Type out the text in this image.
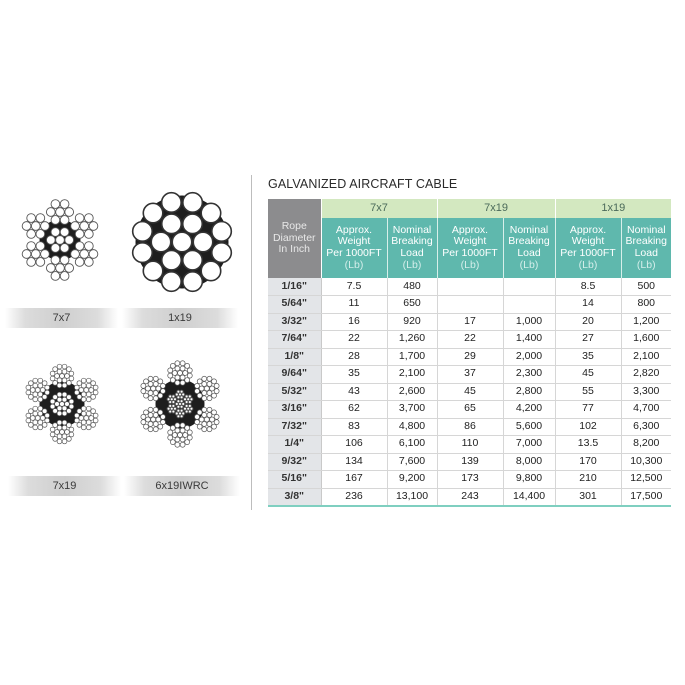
7x7	1x19
7x19	6x19IWRC
GALVANIZED AIRCRAFT CABLE
Rope
Diameter
In Inch	7x7		7x19		1x19	
	Approx.
Weight
Per 1000FT
(Lb)	Nominal
Breaking
Load
(Lb)	Approx.
Weight
Per 1000FT
(Lb)	Nominal
Breaking
Load
(Lb)	Approx.
Weight
Per 1000FT
(Lb)	Nominal
Breaking
Load
(Lb)
1/16"	7.5	480			8.5	500
5/64"	11	650			14	800
3/32"	16	920	17	1,000	20	1,200
7/64"	22	1,260	22	1,400	27	1,600
1/8"	28	1,700	29	2,000	35	2,100
9/64"	35	2,100	37	2,300	45	2,820
5/32"	43	2,600	45	2,800	55	3,300
3/16"	62	3,700	65	4,200	77	4,700
7/32"	83	4,800	86	5,600	102	6,300
1/4"	106	6,100	110	7,000	13.5	8,200
9/32"	134	7,600	139	8,000	170	10,300
5/16"	167	9,200	173	9,800	210	12,500
3/8"	236	13,100	243	14,400	301	17,500
